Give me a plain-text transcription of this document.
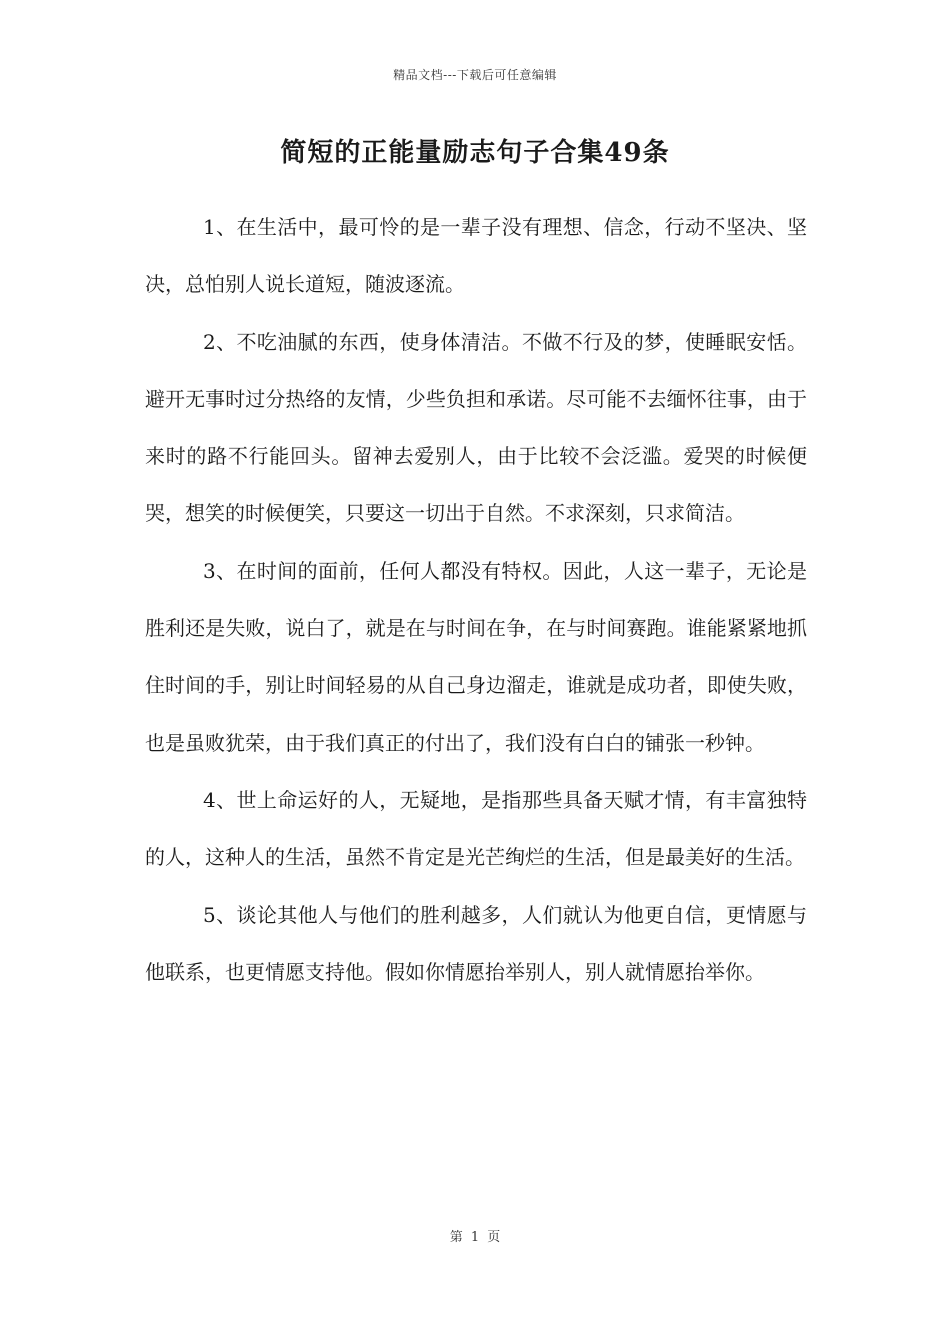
精品文档---下载后可任意编辑
简短的正能量励志句子合集49条

1、在生活中，最可怜的是一辈子没有理想、信念，行动不坚决、坚决，总怕别人说长道短，随波逐流。

2、不吃油腻的东西，使身体清洁。不做不行及的梦，使睡眠安恬。避开无事时过分热络的友情，少些负担和承诺。尽可能不去缅怀往事，由于来时的路不行能回头。留神去爱别人，由于比较不会泛滥。爱哭的时候便哭，想笑的时候便笑，只要这一切出于自然。不求深刻，只求简洁。

3、在时间的面前，任何人都没有特权。因此，人这一辈子，无论是胜利还是失败，说白了，就是在与时间在争，在与时间赛跑。谁能紧紧地抓住时间的手，别让时间轻易的从自己身边溜走，谁就是成功者，即使失败，也是虽败犹荣，由于我们真正的付出了，我们没有白白的铺张一秒钟。

4、世上命运好的人，无疑地，是指那些具备天赋才情，有丰富独特的人，这种人的生活，虽然不肯定是光芒绚烂的生活，但是最美好的生活。

5、谈论其他人与他们的胜利越多，人们就认为他更自信，更情愿与他联系，也更情愿支持他。假如你情愿抬举别人，别人就情愿抬举你。

第 1 页
